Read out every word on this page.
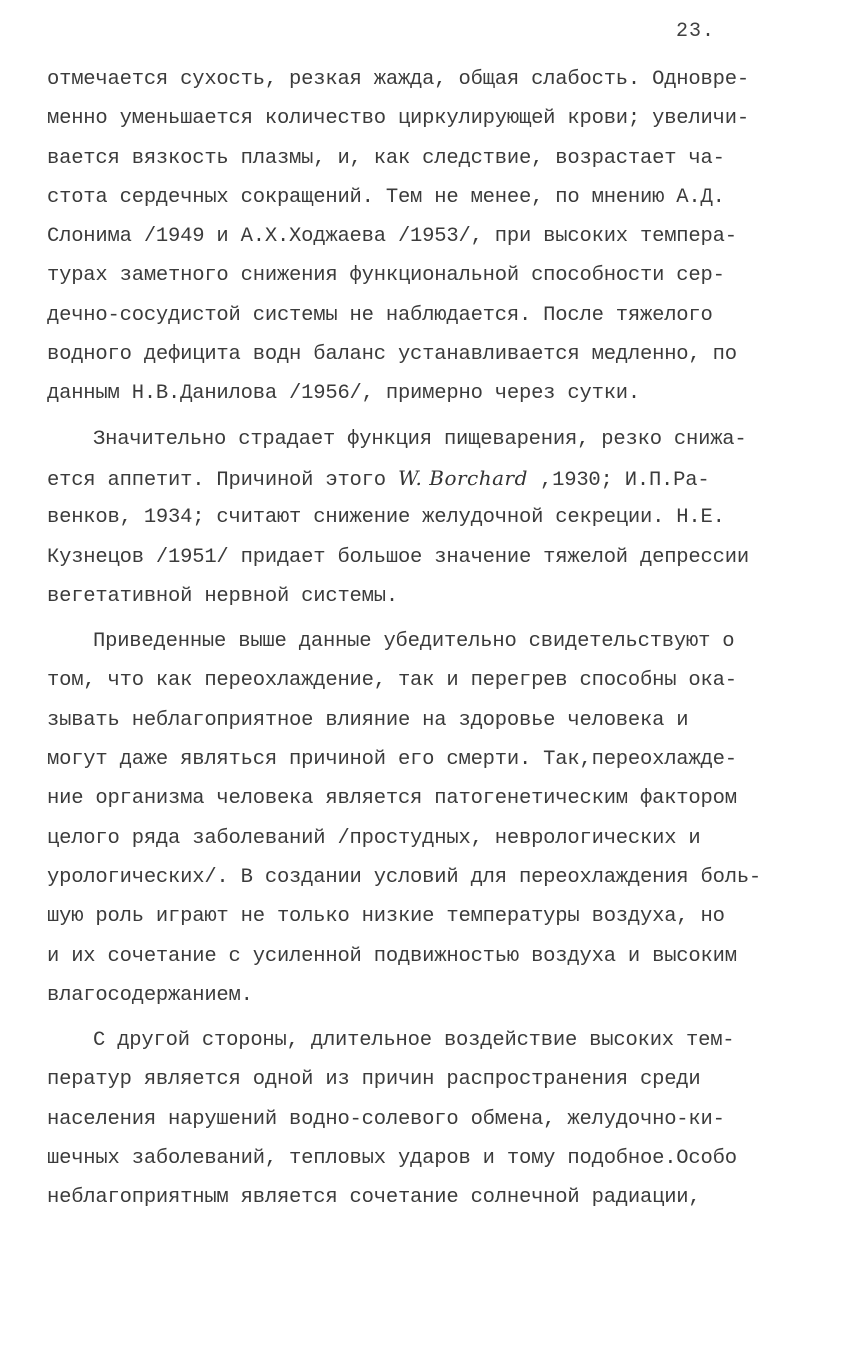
23.
отмечается сухость, резкая жажда, общая слабость. Одновре-
менно уменьшается количество циркулирующей крови; увеличи-
вается вязкость плазмы, и, как следствие, возрастает ча-
стота сердечных сокращений. Тем не менее, по мнению А.Д.
Слонима /1949 и А.Х.Ходжаева /1953/, при высоких темпера-
турах заметного снижения функциональной способности сер-
дечно-сосудистой системы не наблюдается. После тяжелого
водного дефицита водн баланс устанавливается медленно, по
данным Н.В.Данилова /1956/, примерно через сутки.
Значительно страдает функция пищеварения, резко снижа-
ется аппетит. Причиной этого W. Borchard ,1930; И.П.Ра-
венков, 1934; считают снижение желудочной секреции. Н.Е.
Кузнецов /1951/ придает большое значение тяжелой депрессии
вегетативной нервной системы.
Приведенные выше данные убедительно свидетельствуют о
том, что как переохлаждение, так и перегрев способны ока-
зывать неблагоприятное влияние на здоровье человека и
могут даже являться причиной его смерти. Так,переохлажде-
ние организма человека является патогенетическим фактором
целого ряда заболеваний /простудных, неврологических и
урологических/. В создании условий для переохлаждения боль-
шую роль играют не только низкие температуры воздуха, но
и их сочетание с усиленной подвижностью воздуха и высоким
влагосодержанием.
С другой стороны, длительное воздействие высоких тем-
ператур является одной из причин распространения среди
населения нарушений водно-солевого обмена, желудочно-ки-
шечных заболеваний, тепловых ударов и тому подобное.Особо
неблагоприятным является сочетание солнечной радиации,
